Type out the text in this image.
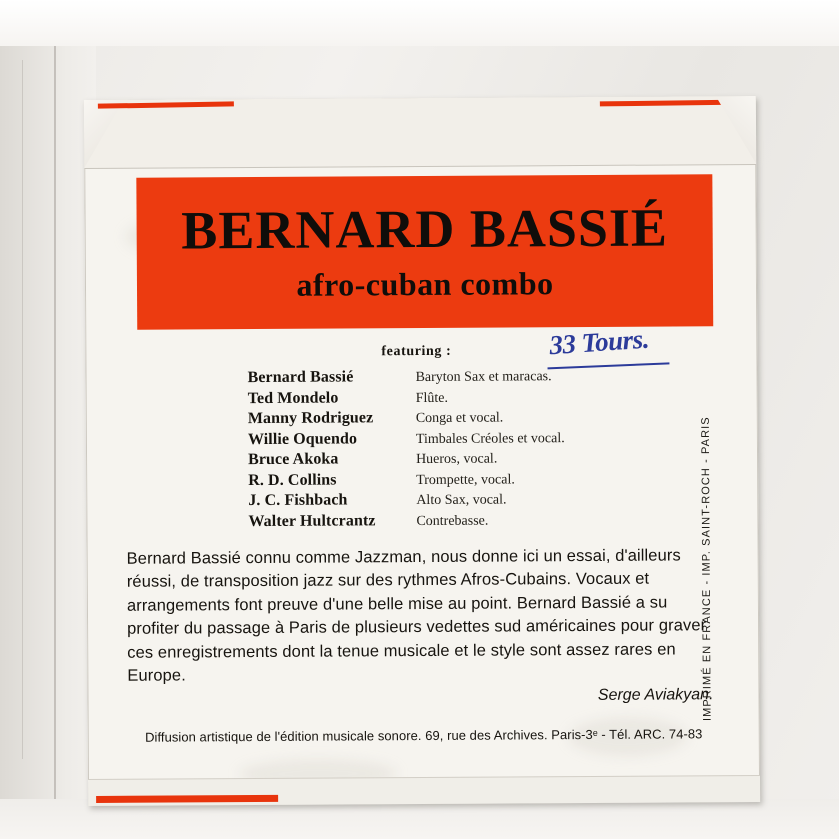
BERNARD BASSIÉ
afro-cuban combo
featuring :	33 Tours.
Bernard Bassié	Baryton Sax et maracas.
Ted Mondelo	Flûte.
Manny Rodriguez	Conga et vocal.
Willie Oquendo	Timbales Créoles et vocal.
Bruce Akoka	Hueros, vocal.
R. D. Collins	Trompette, vocal.
J. C. Fishbach	Alto Sax, vocal.
Walter Hultcrantz	Contrebasse.
Bernard Bassié connu comme Jazzman, nous donne ici un essai, d'ailleurs réussi, de transposition jazz sur des rythmes Afros-Cubains. Vocaux et arrangements font preuve d'une belle mise au point. Bernard Bassié a su profiter du passage à Paris de plusieurs vedettes sud américaines pour graver ces enregistrements dont la tenue musicale et le style sont assez rares en Europe.
Serge Aviakyan.
Diffusion artistique de l'édition musicale sonore. 69, rue des Archives. Paris-3ᵉ - Tél. ARC. 74-83
IMPRIMÉ EN FRANCE - IMP. SAINT-ROCH - PARIS
